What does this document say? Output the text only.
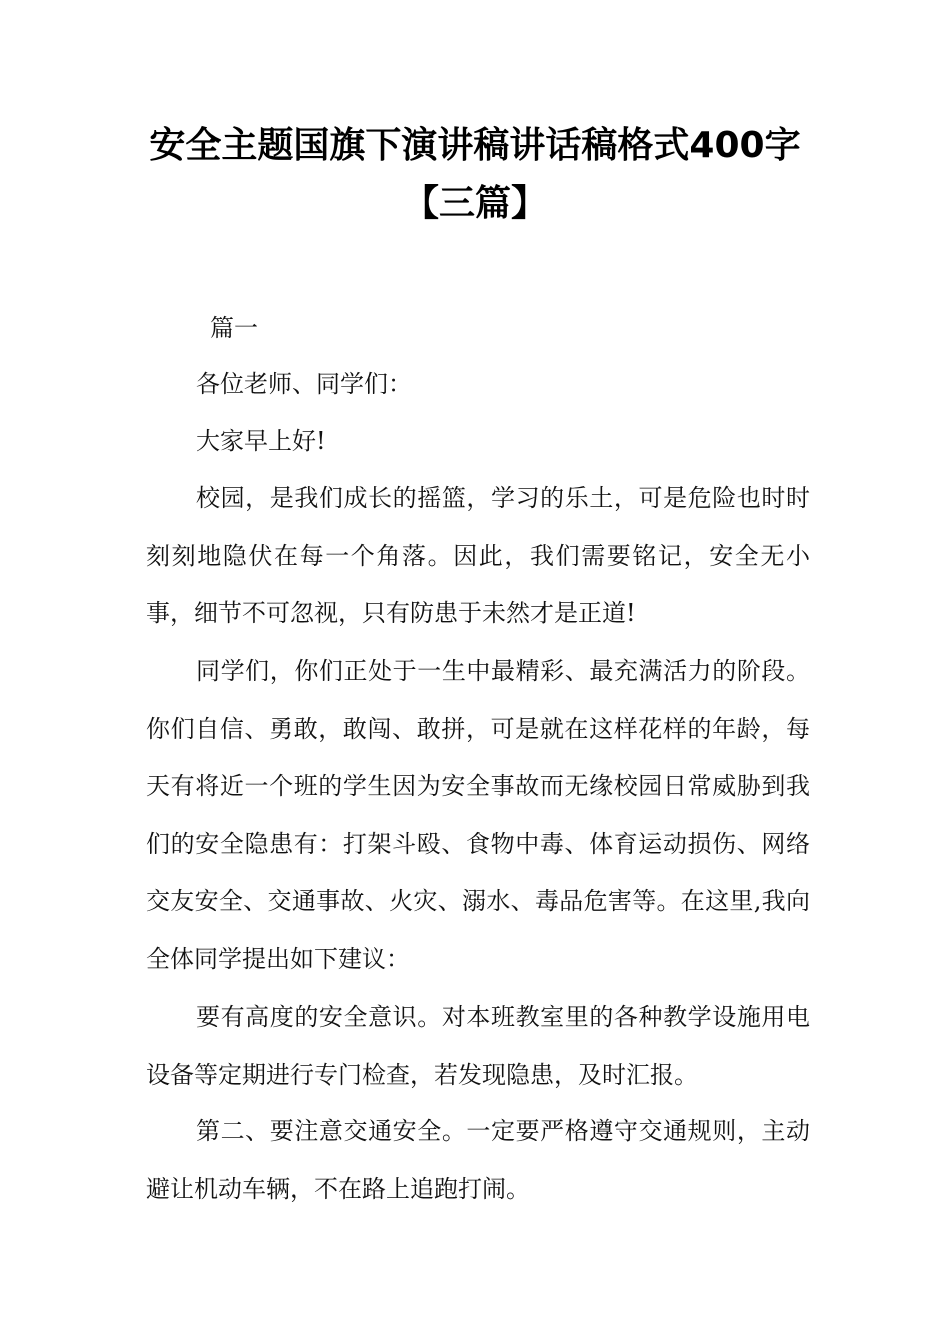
安全主题国旗下演讲稿讲话稿格式400字
【三篇】

篇一

各位老师、同学们：

大家早上好!

校园，是我们成长的摇篮，学习的乐土，可是危险也时时刻刻地隐伏在每一个角落。因此，我们需要铭记，安全无小事，细节不可忽视，只有防患于未然才是正道!

同学们，你们正处于一生中最精彩、最充满活力的阶段。你们自信、勇敢，敢闯、敢拼，可是就在这样花样的年龄，每天有将近一个班的学生因为安全事故而无缘校园日常威胁到我们的安全隐患有：打架斗殴、食物中毒、体育运动损伤、网络交友安全、交通事故、火灾、溺水、毒品危害等。在这里,我向全体同学提出如下建议：

要有高度的安全意识。对本班教室里的各种教学设施用电设备等定期进行专门检查，若发现隐患，及时汇报。

第二、要注意交通安全。一定要严格遵守交通规则，主动避让机动车辆，不在路上追跑打闹。
